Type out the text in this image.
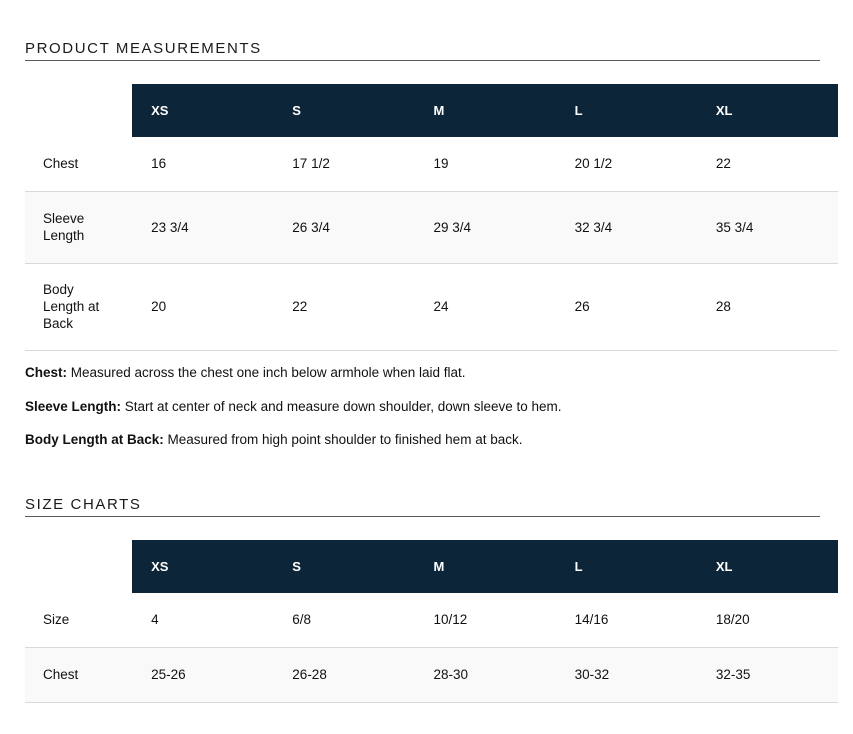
PRODUCT MEASUREMENTS
	XS	S	M	L	XL
Chest	16	17 1/2	19	20 1/2	22

Sleeve Length	23 3/4	26 3/4	29 3/4	32 3/4	35 3/4

Body Length at Back	20	22	24	26	28
Chest: Measured across the chest one inch below armhole when laid flat.
Sleeve Length: Start at center of neck and measure down shoulder, down sleeve to hem.
Body Length at Back: Measured from high point shoulder to finished hem at back.
SIZE CHARTS
	XS	S	M	L	XL
Size	4	6/8	10/12	14/16	18/20
Chest	25-26	26-28	28-30	30-32	32-35
